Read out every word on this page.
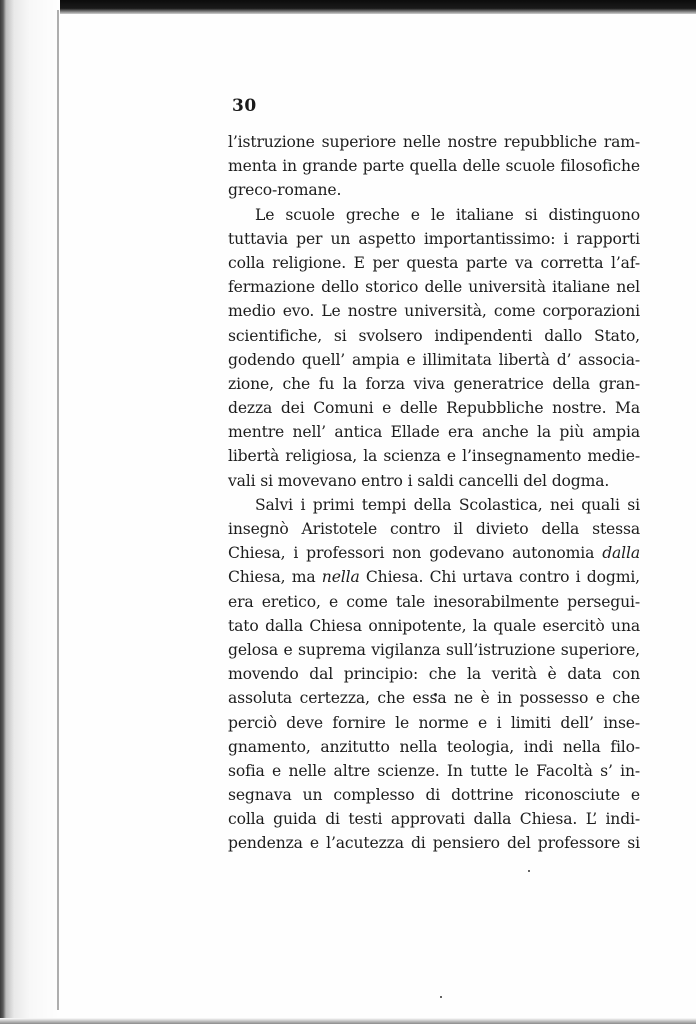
30
l’istruzione superiore nelle nostre repubbliche ram-
menta in grande parte quella delle scuole filosofiche
greco-romane.
Le scuole greche e le italiane si distinguono
tuttavia per un aspetto importantissimo: i rapporti
colla religione. E per questa parte va corretta l’af-
fermazione dello storico delle università italiane nel
medio evo. Le nostre università, come corporazioni
scientifiche, si svolsero indipendenti dallo Stato,
godendo quell’ ampia e illimitata libertà d’ associa-
zione, che fu la forza viva generatrice della gran-
dezza dei Comuni e delle Repubbliche nostre. Ma
mentre nell’ antica Ellade era anche la più ampia
libertà religiosa, la scienza e l’insegnamento medie-
vali si movevano entro i saldi cancelli del dogma.
Salvi i primi tempi della Scolastica, nei quali si
insegnò Aristotele contro il divieto della stessa
Chiesa, i professori non godevano autonomia dalla
Chiesa, ma nella Chiesa. Chi urtava contro i dogmi,
era eretico, e come tale inesorabilmente persegui-
tato dalla Chiesa onnipotente, la quale esercitò una
gelosa e suprema vigilanza sull’istruzione superiore,
movendo dal principio: che la verità è data con
assoluta certezza, che essa ne è in possesso e che
perciò deve fornire le norme e i limiti dell’ inse-
gnamento, anzitutto nella teologia, indi nella filo-
sofia e nelle altre scienze. In tutte le Facoltà s’ in-
segnava un complesso di dottrine riconosciute e
colla guida di testi approvati dalla Chiesa. L’ indi-
pendenza e l’acutezza di pensiero del professore si
